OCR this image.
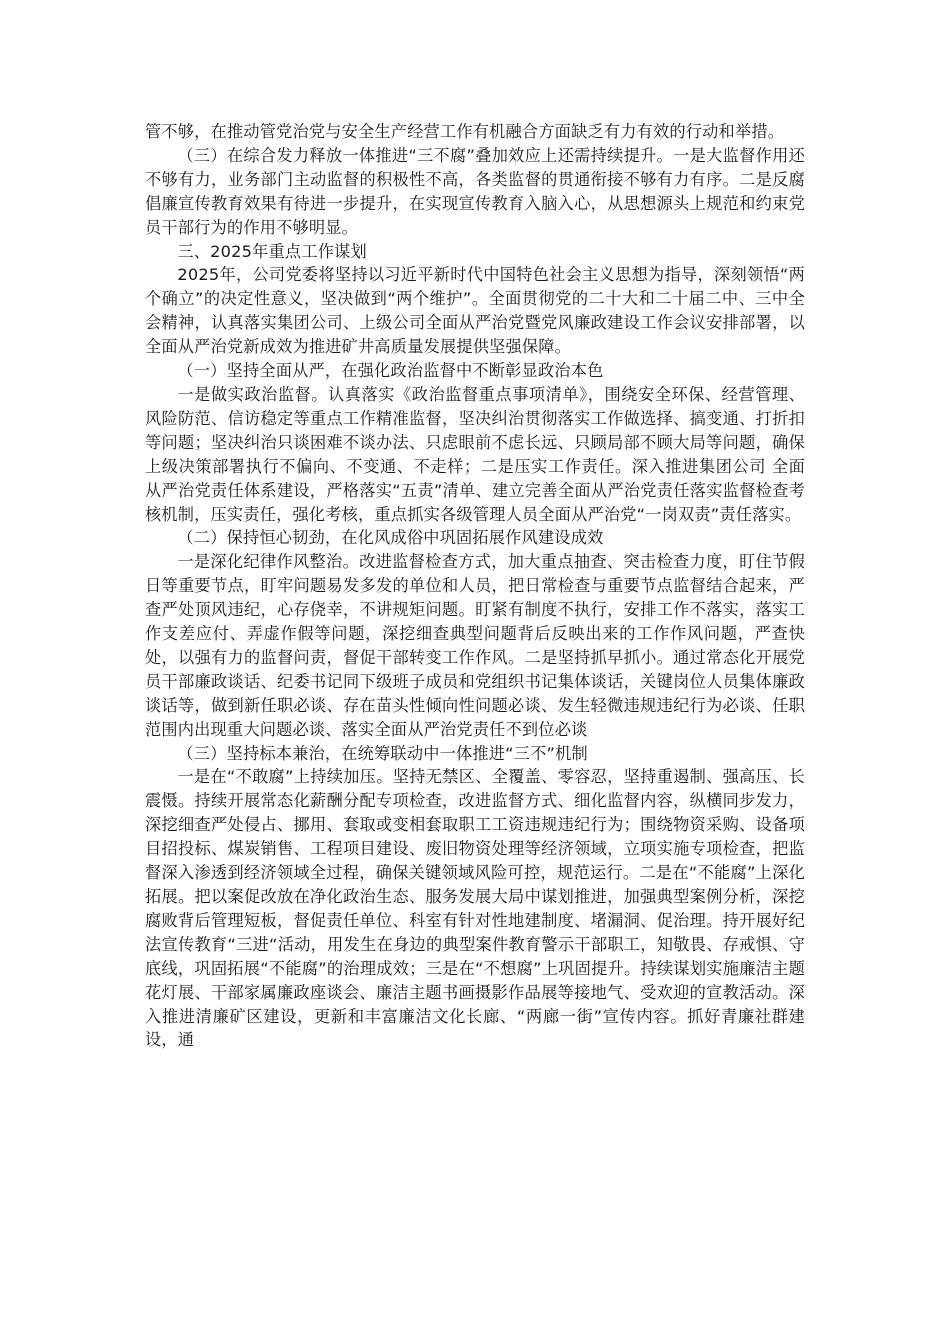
管不够，在推动管党治党与安全生产经营工作有机融合方面缺乏有力有效的行动和举措。

（三）在综合发力释放一体推进“三不腐”叠加效应上还需持续提升。一是大监督作用还不够有力，业务部门主动监督的积极性不高，各类监督的贯通衔接不够有力有序。二是反腐倡廉宣传教育效果有待进一步提升，在实现宣传教育入脑入心，从思想源头上规范和约束党员干部行为的作用不够明显。

三、2025年重点工作谋划

2025年，公司党委将坚持以习近平新时代中国特色社会主义思想为指导，深刻领悟“两个确立”的决定性意义，坚决做到“两个维护”。全面贯彻党的二十大和二十届二中、三中全会精神，认真落实集团公司、上级公司全面从严治党暨党风廉政建设工作会议安排部署，以全面从严治党新成效为推进矿井高质量发展提供坚强保障。

（一）坚持全面从严，在强化政治监督中不断彰显政治本色

一是做实政治监督。认真落实《政治监督重点事项清单》，围绕安全环保、经营管理、风险防范、信访稳定等重点工作精准监督，坚决纠治贯彻落实工作做选择、搞变通、打折扣等问题；坚决纠治只谈困难不谈办法、只虑眼前不虑长远、只顾局部不顾大局等问题，确保上级决策部署执行不偏向、不变通、不走样；二是压实工作责任。深入推进集团公司 全面从严治党责任体系建设，严格落实“五责”清单、建立完善全面从严治党责任落实监督检查考核机制，压实责任，强化考核，重点抓实各级管理人员全面从严治党“一岗双责”责任落实。

（二）保持恒心韧劲，在化风成俗中巩固拓展作风建设成效

一是深化纪律作风整治。改进监督检查方式，加大重点抽查、突击检查力度，盯住节假日等重要节点，盯牢问题易发多发的单位和人员，把日常检查与重要节点监督结合起来，严查严处顶风违纪，心存侥幸，不讲规矩问题。盯紧有制度不执行，安排工作不落实，落实工作支差应付、弄虚作假等问题，深挖细查典型问题背后反映出来的工作作风问题，严查快处，以强有力的监督问责，督促干部转变工作作风。二是坚持抓早抓小。通过常态化开展党员干部廉政谈话、纪委书记同下级班子成员和党组织书记集体谈话，关键岗位人员集体廉政谈话等，做到新任职必谈、存在苗头性倾向性问题必谈、发生轻微违规违纪行为必谈、任职范围内出现重大问题必谈、落实全面从严治党责任不到位必谈

（三）坚持标本兼治，在统筹联动中一体推进“三不”机制

一是在“不敢腐”上持续加压。坚持无禁区、全覆盖、零容忍，坚持重遏制、强高压、长震慑。持续开展常态化薪酬分配专项检查，改进监督方式、细化监督内容，纵横同步发力，深挖细查严处侵占、挪用、套取或变相套取职工工资违规违纪行为；围绕物资采购、设备项目招投标、煤炭销售、工程项目建设、废旧物资处理等经济领域，立项实施专项检查，把监督深入渗透到经济领域全过程，确保关键领域风险可控，规范运行。二是在“不能腐”上深化拓展。把以案促改放在净化政治生态、服务发展大局中谋划推进，加强典型案例分析，深挖腐败背后管理短板，督促责任单位、科室有针对性地建制度、堵漏洞、促治理。持开展好纪法宣传教育“三进“活动，用发生在身边的典型案件教育警示干部职工，知敬畏、存戒惧、守底线，巩固拓展“不能腐”的治理成效；三是在“不想腐”上巩固提升。持续谋划实施廉洁主题花灯展、干部家属廉政座谈会、廉洁主题书画摄影作品展等接地气、受欢迎的宣教活动。深入推进清廉矿区建设，更新和丰富廉洁文化长廊、“两廊一街”宣传内容。抓好青廉社群建设，通
